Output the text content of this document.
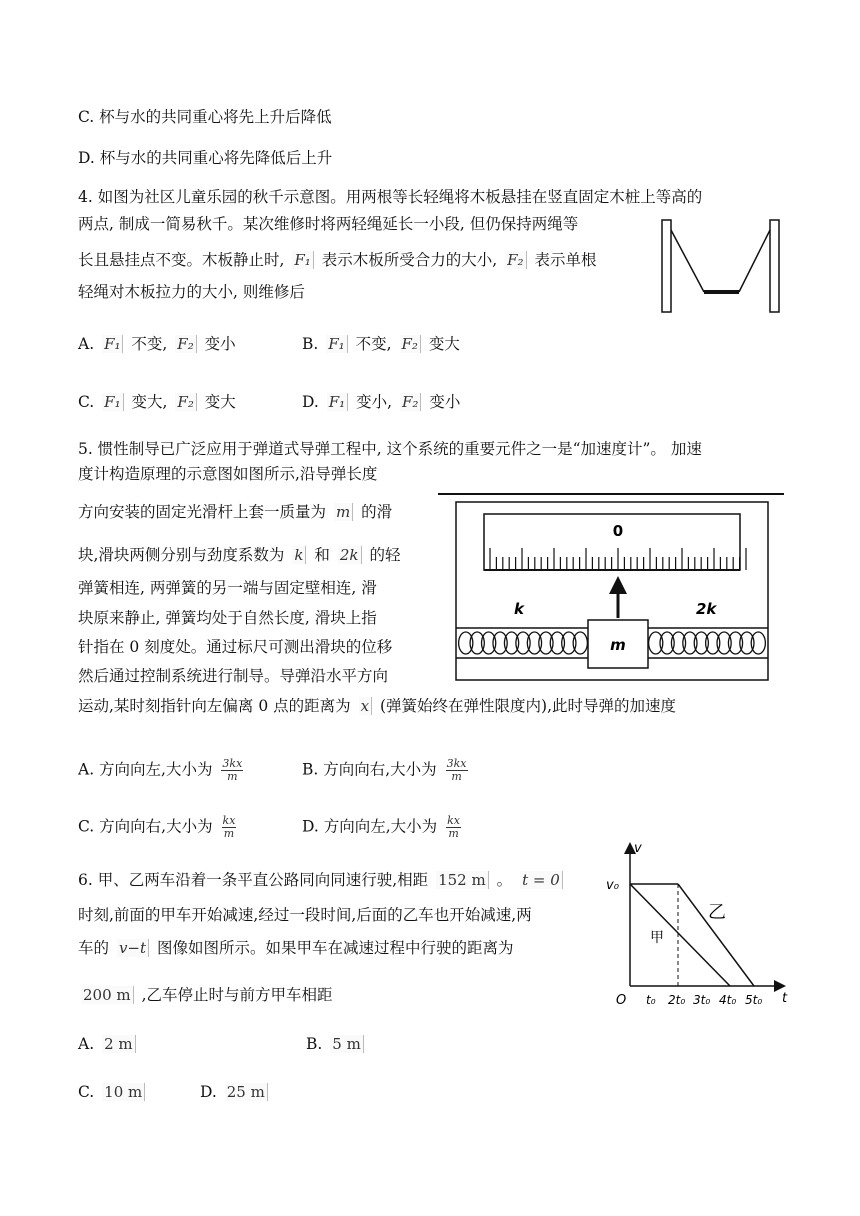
C. 杯与水的共同重心将先上升后降低
D. 杯与水的共同重心将先降低后上升
4. 如图为社区儿童乐园的秋千示意图。用两根等长轻绳将木板悬挂在竖直固定木桩上等高的
两点, 制成一简易秋千。某次维修时将两轻绳延长一小段, 但仍保持两绳等
长且悬挂点不变。木板静止时, F₁ 表示木板所受合力的大小, F₂ 表示单根
轻绳对木板拉力的大小, 则维修后
A. F₁ 不变, F₂ 变小	B. F₁ 不变, F₂ 变大
C. F₁ 变大, F₂ 变大	D. F₁ 变小, F₂ 变小
5. 惯性制导已广泛应用于弹道式导弹工程中, 这个系统的重要元件之一是“加速度计”。 加速
度计构造原理的示意图如图所示,沿导弹长度
方向安装的固定光滑杆上套一质量为 m 的滑
块,滑块两侧分别与劲度系数为 k 和 2k 的轻
弹簧相连, 两弹簧的另一端与固定壁相连, 滑
块原来静止, 弹簧均处于自然长度, 滑块上指
针指在 0 刻度处。通过标尺可测出滑块的位移
然后通过控制系统进行制导。导弹沿水平方向
运动,某时刻指针向左偏离 0 点的距离为 x (弹簧始终在弹性限度内),此时导弹的加速度
0
k	2k
m
A. 方向向左,大小为 $\frac{3kx}{m}$	B. 方向向右,大小为 $\frac{3kx}{m}$
C. 方向向右,大小为 $\frac{kx}{m}$	D. 方向向左,大小为 $\frac{kx}{m}$
6. 甲、乙两车沿着一条平直公路同向同速行驶,相距 152 m 。 t = 0
时刻,前面的甲车开始减速,经过一段时间,后面的乙车也开始减速,两
车的 v−t 图像如图所示。如果甲车在减速过程中行驶的距离为
200 m ,乙车停止时与前方甲车相距
v
v₀
O	t
t₀ 2t₀ 3t₀ 4t₀ 5t₀
甲
乙
A. 2 m	B. 5 m
C. 10 m	D. 25 m
